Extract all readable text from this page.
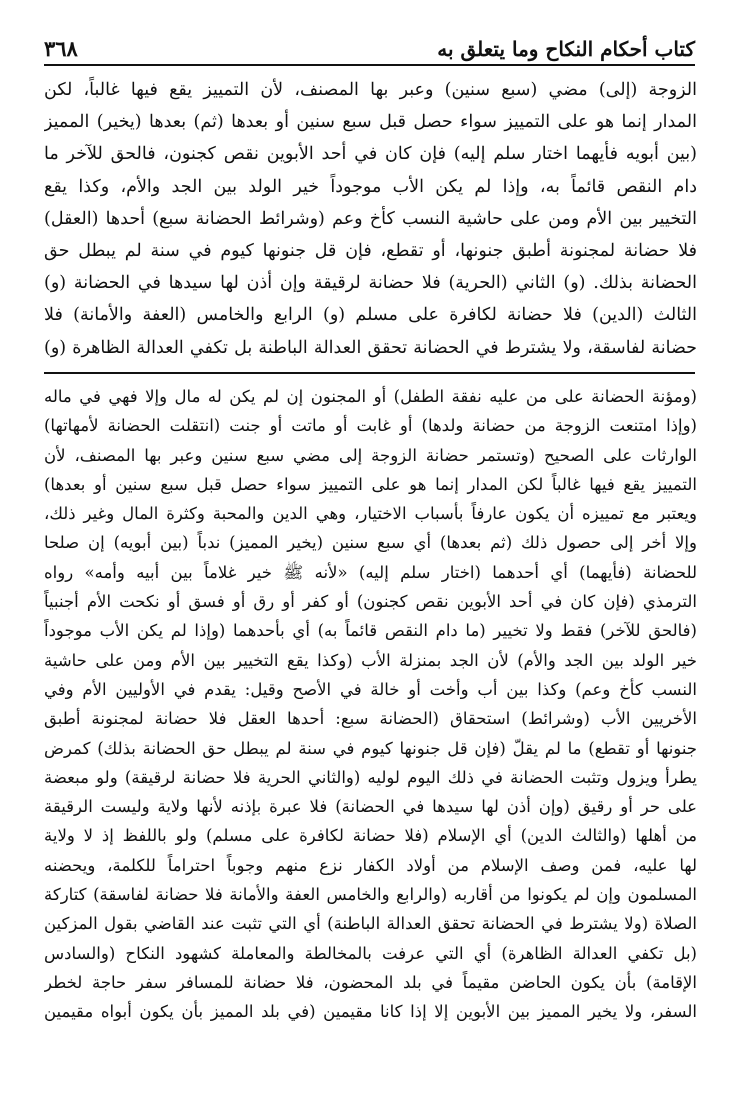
كتاب أحكام النكاح وما يتعلق به
٣٦٨
الزوجة (إلى) مضي (سبع سنين) وعبر بها المصنف، لأن التمييز يقع فيها غالباً، لكن
المدار إنما هو على التمييز سواء حصل قبل سبع سنين أو بعدها (ثم) بعدها (يخير) المميز
(بين أبويه فأيهما اختار سلم إليه) فإن كان في أحد الأبوين نقص كجنون، فالحق للآخر ما
دام النقص قائماً به، وإذا لم يكن الأب موجوداً خير الولد بين الجد والأم، وكذا يقع
التخيير بين الأم ومن على حاشية النسب كأخ وعم (وشرائط الحضانة سبع) أحدها (العقل)
فلا حضانة لمجنونة أطبق جنونها، أو تقطع، فإن قل جنونها كيوم في سنة لم يبطل حق
الحضانة بذلك. (و) الثاني (الحرية) فلا حضانة لرقيقة وإن أذن لها سيدها في الحضانة (و)
الثالث (الدين) فلا حضانة لكافرة على مسلم (و) الرابع والخامس (العفة والأمانة) فلا
حضانة لفاسقة، ولا يشترط في الحضانة تحقق العدالة الباطنة بل تكفي العدالة الظاهرة (و)
(ومؤنة الحضانة على من عليه نفقة الطفل) أو المجنون إن لم يكن له مال وإلا فهي في ماله
(وإذا امتنعت الزوجة من حضانة ولدها) أو غابت أو ماتت أو جنت (انتقلت الحضانة لأمهاتها)
الوارثات على الصحيح (وتستمر حضانة الزوجة إلى مضي سبع سنين وعبر بها المصنف، لأن
التمييز يقع فيها غالباً لكن المدار إنما هو على التمييز سواء حصل قبل سبع سنين أو بعدها)
ويعتبر مع تمييزه أن يكون عارفاً بأسباب الاختيار، وهي الدين والمحبة وكثرة المال وغير ذلك،
وإلا أخر إلى حصول ذلك (ثم بعدها) أي سبع سنين (يخير المميز) ندباً (بين أبويه) إن صلحا
للحضانة (فأيهما) أي أحدهما (اختار سلم إليه) «لأنه ﷺ خير غلاماً بين أبيه وأمه» رواه
الترمذي (فإن كان في أحد الأبوين نقص كجنون) أو كفر أو رق أو فسق أو نكحت الأم أجنبياً
(فالحق للآخر) فقط ولا تخيير (ما دام النقص قائماً به) أي بأحدهما (وإذا لم يكن الأب موجوداً
خير الولد بين الجد والأم) لأن الجد بمنزلة الأب (وكذا يقع التخيير بين الأم ومن على حاشية
النسب كأخ وعم) وكذا بين أب وأخت أو خالة في الأصح وقيل: يقدم في الأوليين الأم وفي
الأخريين الأب (وشرائط) استحقاق (الحضانة سبع: أحدها العقل فلا حضانة لمجنونة أطبق
جنونها أو تقطع) ما لم يقلّ (فإن قل جنونها كيوم في سنة لم يبطل حق الحضانة بذلك) كمرض
يطرأ ويزول وتثبت الحضانة في ذلك اليوم لوليه (والثاني الحرية فلا حضانة لرقيقة) ولو مبعضة
على حر أو رقيق (وإن أذن لها سيدها في الحضانة) فلا عبرة بإذنه لأنها ولاية وليست الرقيقة
من أهلها (والثالث الدين) أي الإسلام (فلا حضانة لكافرة على مسلم) ولو باللفظ إذ لا ولاية
لها عليه، فمن وصف الإسلام من أولاد الكفار نزع منهم وجوباً احتراماً للكلمة، ويحضنه
المسلمون وإن لم يكونوا من أقاربه (والرابع والخامس العفة والأمانة فلا حضانة لفاسقة) كتاركة
الصلاة (ولا يشترط في الحضانة تحقق العدالة الباطنة) أي التي تثبت عند القاضي بقول المزكين
(بل تكفي العدالة الظاهرة) أي التي عرفت بالمخالطة والمعاملة كشهود النكاح (والسادس
الإقامة) بأن يكون الحاضن مقيماً في بلد المحضون، فلا حضانة للمسافر سفر حاجة لخطر
السفر، ولا يخير المميز بين الأبوين إلا إذا كانا مقيمين (في بلد المميز بأن يكون أبواه مقيمين
